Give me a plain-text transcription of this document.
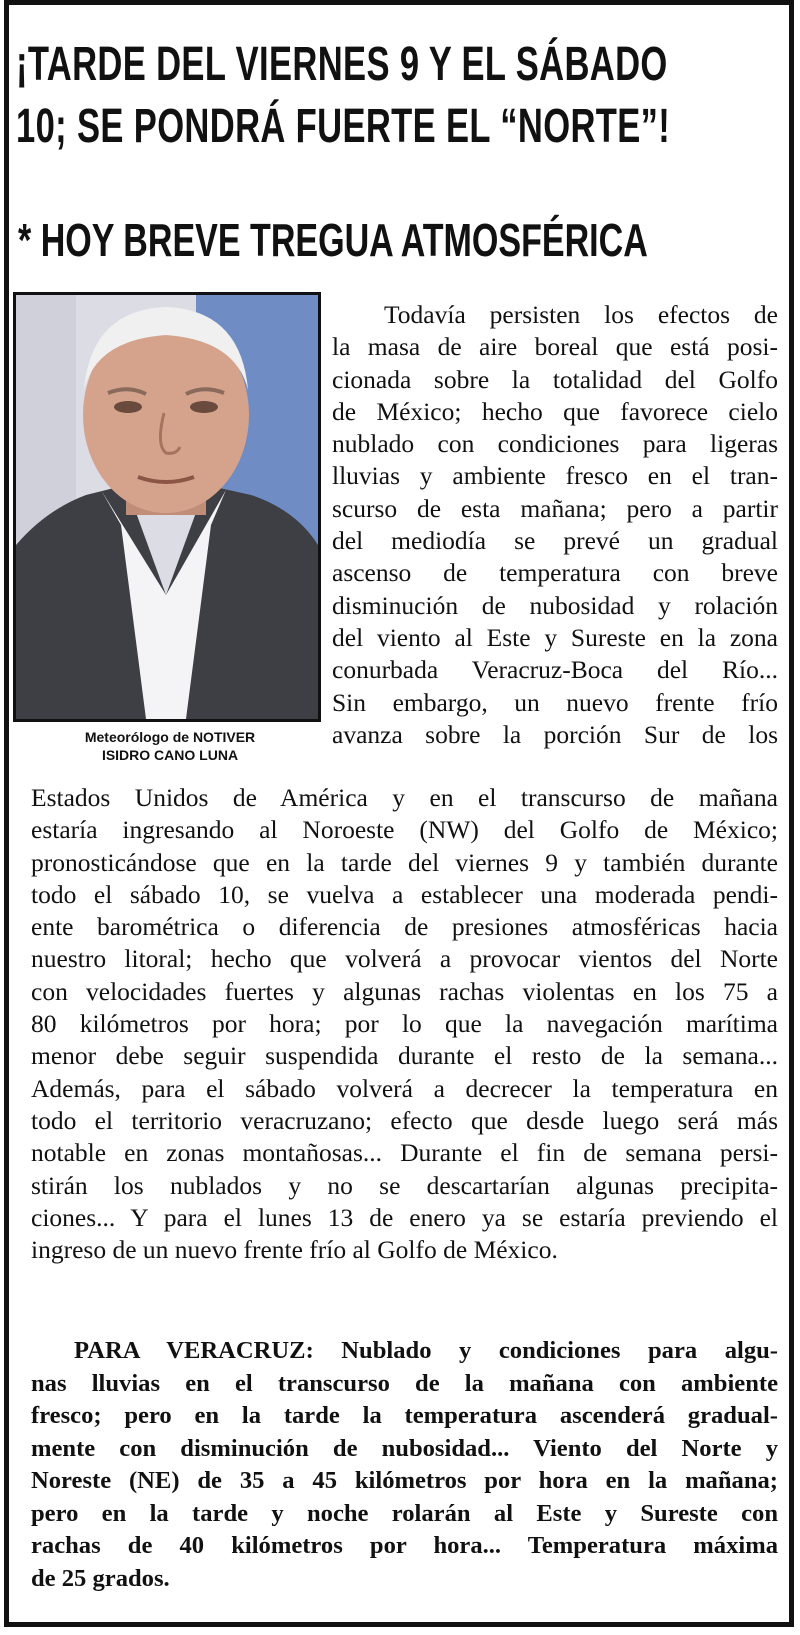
¡TARDE DEL VIERNES 9 Y EL SÁBADO
10; SE PONDRÁ FUERTE EL “NORTE”!
* HOY BREVE TREGUA ATMOSFÉRICA
Meteorólogo de NOTIVER
ISIDRO CANO LUNA
Todavía persisten los efectos de
la masa de aire boreal que está posi-
cionada sobre la totalidad del Golfo
de México; hecho que favorece cielo
nublado con condiciones para ligeras
lluvias y ambiente fresco en el tran-
scurso de esta mañana; pero a partir
del mediodía se prevé un gradual
ascenso de temperatura con breve
disminución de nubosidad y rolación
del viento al Este y Sureste en la zona
conurbada Veracruz-Boca del Río...
Sin embargo, un nuevo frente frío
avanza sobre la porción Sur de los
Estados Unidos de América y en el transcurso de mañana
estaría ingresando al Noroeste (NW) del Golfo de México;
pronosticándose que en la tarde del viernes 9 y también durante
todo el sábado 10, se vuelva a establecer una moderada pendi-
ente barométrica o diferencia de presiones atmosféricas hacia
nuestro litoral; hecho que volverá a provocar vientos del Norte
con velocidades fuertes y algunas rachas violentas en los 75 a
80 kilómetros por hora; por lo que la navegación marítima
menor debe seguir suspendida durante el resto de la semana...
Además, para el sábado volverá a decrecer la temperatura en
todo el territorio veracruzano; efecto que desde luego será más
notable en zonas montañosas... Durante el fin de semana persi-
stirán los nublados y no se descartarían algunas precipita-
ciones... Y para el lunes 13 de enero ya se estaría previendo el
ingreso de un nuevo frente frío al Golfo de México.
PARA VERACRUZ: Nublado y condiciones para algu-
nas lluvias en el transcurso de la mañana con ambiente
fresco; pero en la tarde la temperatura ascenderá gradual-
mente con disminución de nubosidad... Viento del Norte y
Noreste (NE) de 35 a 45 kilómetros por hora en la mañana;
pero en la tarde y noche rolarán al Este y Sureste con
rachas de 40 kilómetros por hora... Temperatura máxima
de 25 grados.
